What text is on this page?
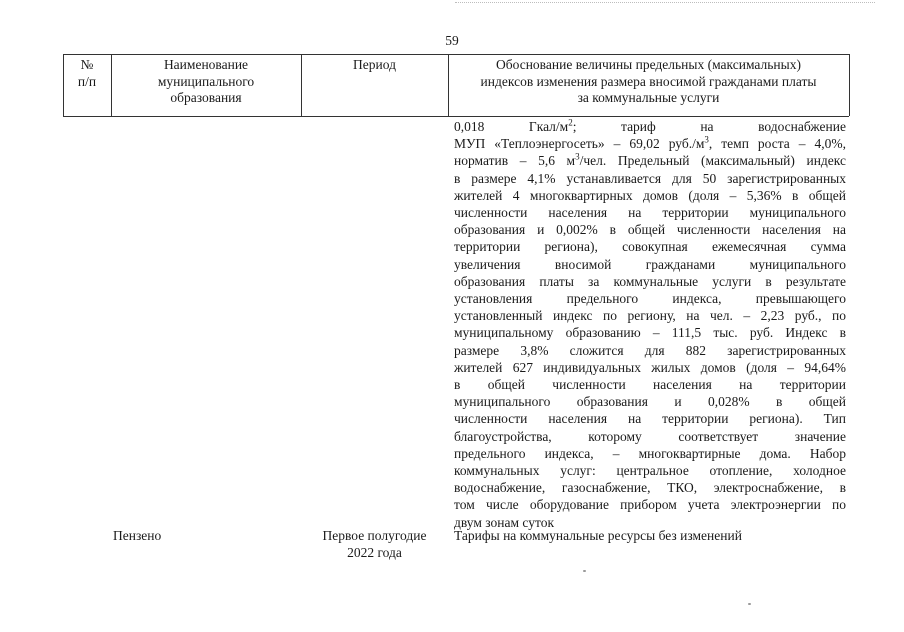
59
№
п/п
Наименование
муниципального
образования
Период	Обоснование величины предельных (максимальных)
индексов изменения размера вносимой гражданами платы
за коммунальные услуги
0,018 Гкал/$м^2$; тариф на водоснабжение
МУП «Теплоэнергосеть» – 69,02 $руб./м^3$, темп роста – 4,0%,
норматив – 5,6 $м^3$/чел. Предельный (максимальный) индекс
в размере 4,1% устанавливается для 50 зарегистрированных
жителей 4 многоквартирных домов (доля – 5,36% в общей
численности населения на территории муниципального
образования и 0,002% в общей численности населения на
территории региона), совокупная ежемесячная сумма
увеличения вносимой гражданами муниципального
образования платы за коммунальные услуги в результате
установления предельного индекса, превышающего
установленный индекс по региону, на чел. – 2,23 руб., по
муниципальному образованию – 111,5 тыс. руб. Индекс в
размере 3,8% сложится для 882 зарегистрированных
жителей 627 индивидуальных жилых домов (доля – 94,64%
в общей численности населения на территории
муниципального образования и 0,028% в общей
численности населения на территории региона). Тип
благоустройства, которому соответствует значение
предельного индекса, – многоквартирные дома. Набор
коммунальных услуг: центральное отопление, холодное
водоснабжение, газоснабжение, ТКО, электроснабжение, в
том числе оборудование прибором учета электроэнергии по
двум зонам суток
Пензено	Первое полугодие
2022 года
Тарифы на коммунальные ресурсы без изменений
